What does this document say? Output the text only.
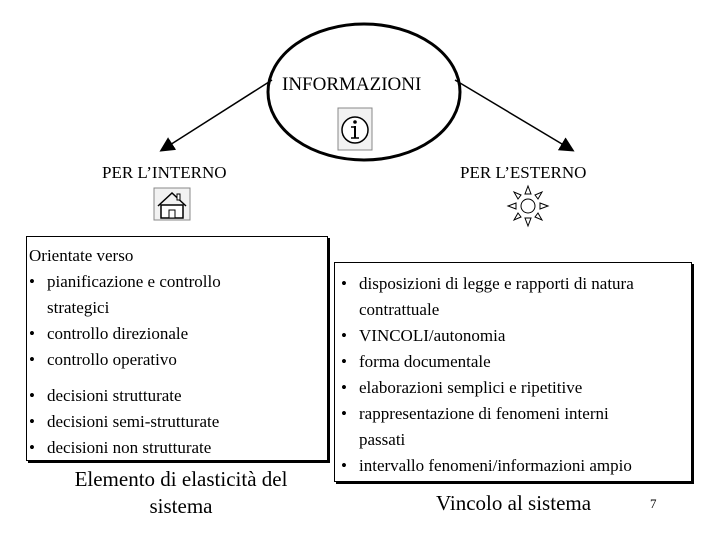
INFORMAZIONI
PER L’INTERNO	PER L’ESTERNO
Orientate verso
• pianificazione e controllo
strategici
• controllo direzionale
• controllo operativo
• decisioni strutturate
• decisioni semi-strutturate
• decisioni non strutturate
• disposizioni di legge e rapporti di natura
contrattuale
• VINCOLI/autonomia
• forma documentale
• elaborazioni semplici e ripetitive
• rappresentazione di fenomeni interni
passati
• intervallo fenomeni/informazioni ampio
Elemento di elasticità del
sistema	Vincolo al sistema	7
